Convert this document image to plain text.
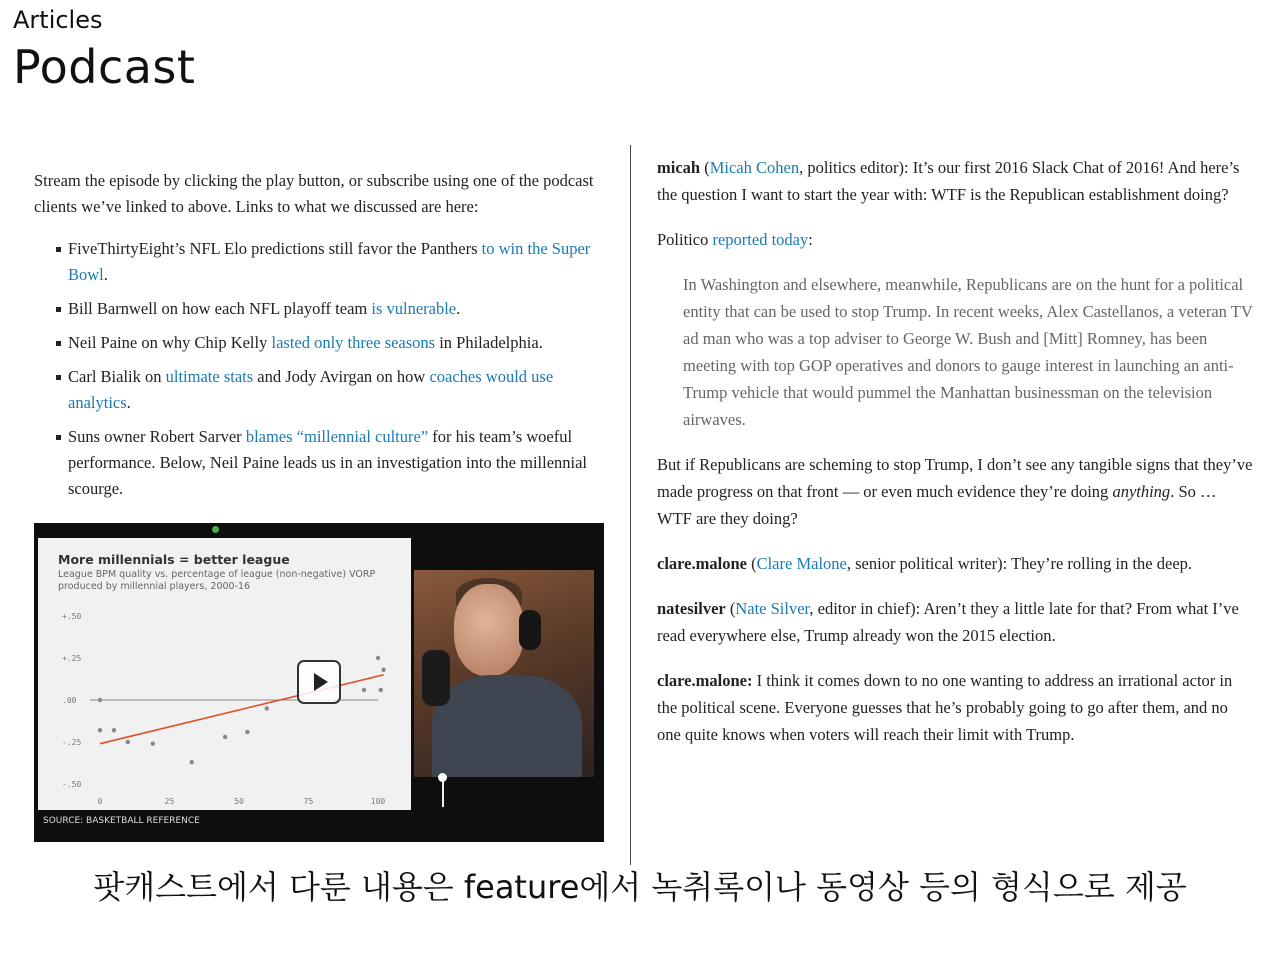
Articles
Podcast

Stream the episode by clicking the play button, or subscribe using one of the podcast clients we’ve linked to above. Links to what we discussed are here:

FiveThirtyEight’s NFL Elo predictions still favor the Panthers to win the Super Bowl.
Bill Barnwell on how each NFL playoff team is vulnerable.
Neil Paine on why Chip Kelly lasted only three seasons in Philadelphia.
Carl Bialik on ultimate stats and Jody Avirgan on how coaches would use analytics.
Suns owner Robert Sarver blames “millennial culture” for his team’s woeful performance. Below, Neil Paine leads us in an investigation into the millennial scourge.
More millennials = better league
League BPM quality vs. percentage of league (non-negative) VORP produced by millennial players, 2000-16
+.50
+.25
.00
-.25
-.50
0	25	50	75	100
SOURCE: BASKETBALL REFERENCE

micah (Micah Cohen, politics editor): It’s our first 2016 Slack Chat of 2016! And here’s the question I want to start the year with: WTF is the Republican establishment doing?

Politico reported today:

In Washington and elsewhere, meanwhile, Republicans are on the hunt for a political entity that can be used to stop Trump. In recent weeks, Alex Castellanos, a veteran TV ad man who was a top adviser to George W. Bush and [Mitt] Romney, has been meeting with top GOP operatives and donors to gauge interest in launching an anti-Trump vehicle that would pummel the Manhattan businessman on the television airwaves.

But if Republicans are scheming to stop Trump, I don’t see any tangible signs that they’ve made progress on that front — or even much evidence they’re doing anything. So … WTF are they doing?

clare.malone (Clare Malone, senior political writer): They’re rolling in the deep.

natesilver (Nate Silver, editor in chief): Aren’t they a little late for that? From what I’ve read everywhere else, Trump already won the 2015 election.

clare.malone: I think it comes down to no one wanting to address an irrational actor in the political scene. Everyone guesses that he’s probably going to go after them, and no one quite knows when voters will reach their limit with Trump.

팟캐스트에서 다룬 내용은 feature에서 녹취록이나 동영상 등의 형식으로 제공
